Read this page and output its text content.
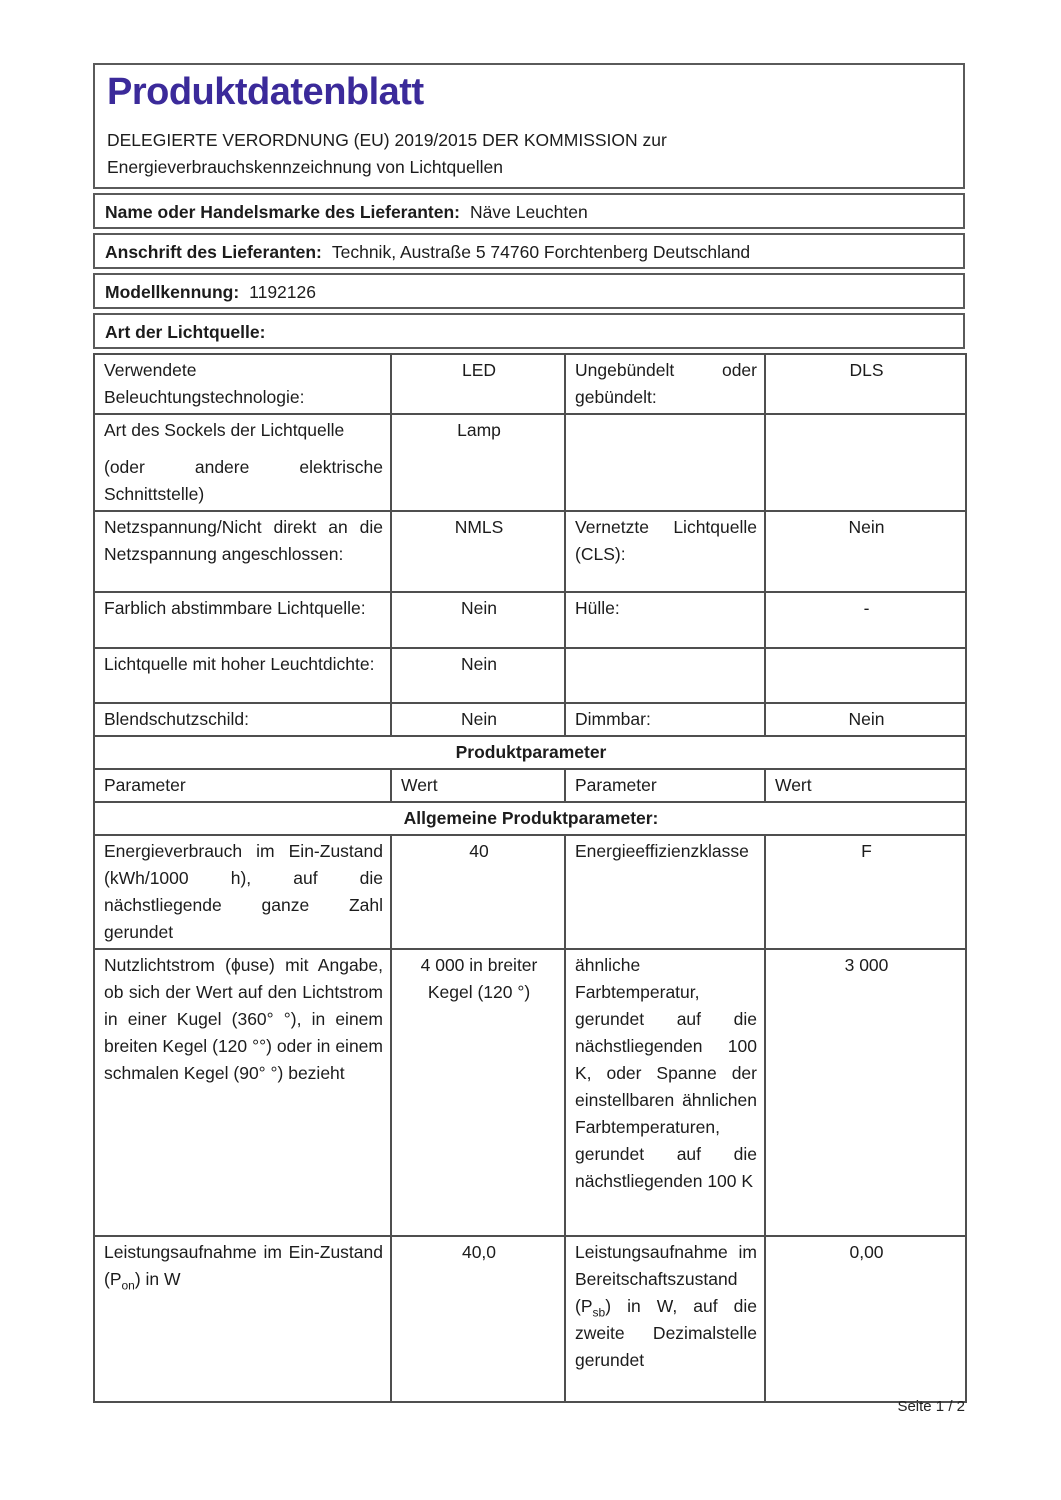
Produktdatenblatt
DELEGIERTE VERORDNUNG (EU) 2019/2015 DER KOMMISSION zur
Energieverbrauchskennzeichnung von Lichtquellen
Name oder Handelsmarke des Lieferanten: Näve Leuchten
Anschrift des Lieferanten: Technik, Austraße 5 74760 Forchtenberg Deutschland
Modellkennung: 1192126
Art der Lichtquelle:
Verwendete Beleuchtungstechnologie:	LED	Ungebündelt oder gebündelt:	DLS

Art des Sockels der Lichtquelle
(oder andere elektrische Schnittstelle)	Lamp		
Netzspannung/Nicht direkt an die Netzspannung angeschlossen:	NMLS	Vernetzte Lichtquelle (CLS):	Nein
Farblich abstimmbare Lichtquelle:	Nein	Hülle:	-
Lichtquelle mit hoher Leuchtdichte:	Nein		
Blendschutzschild:	Nein	Dimmbar:	Nein
Produktparameter			
Parameter	Wert	Parameter	Wert
Allgemeine Produktparameter:			
Energieverbrauch im Ein-Zustand (kWh/1000 h), auf die nächstliegende ganze Zahl gerundet	40	Energieeffizienzklasse	F
Nutzlichtstrom (ϕuse) mit Angabe, ob sich der Wert auf den Lichtstrom in einer Kugel (360° °), in einem breiten Kegel (120 °°) oder in einem schmalen Kegel (90° °) bezieht	4 000 in breiter Kegel (120 °)	ähnliche Farbtemperatur, gerundet auf die nächstliegenden 100 K, oder Spanne der einstellbaren ähnlichen Farbtemperaturen, gerundet auf die nächstliegenden 100 K	3 000
Leistungsaufnahme im Ein-Zustand $(P_{on})$ in W	40,0	Leistungsaufnahme im Bereitschaftszustand $(P_{sb})$ in W, auf die zweite Dezimalstelle gerundet	0,00
Seite 1 / 2
